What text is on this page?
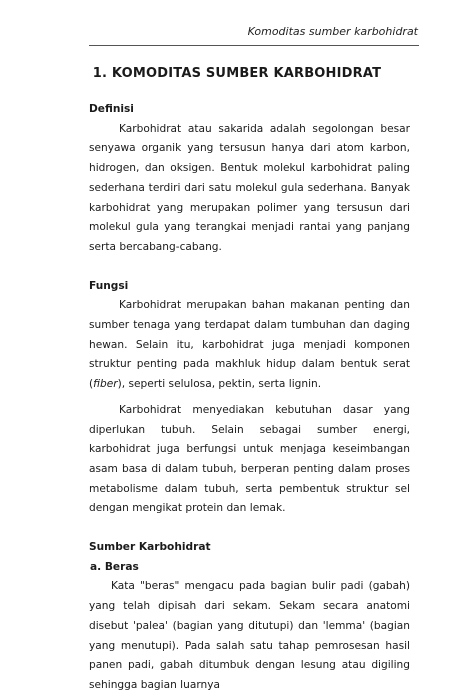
Komoditas sumber karbohidrat
1. KOMODITAS SUMBER KARBOHIDRAT
Definisi

Karbohidrat atau sakarida adalah segolongan besar senyawa organik yang tersusun hanya dari atom karbon, hidrogen, dan oksigen. Bentuk molekul karbohidrat paling sederhana terdiri dari satu molekul gula sederhana. Banyak karbohidrat yang merupakan polimer yang tersusun dari molekul gula yang terangkai menjadi rantai yang panjang serta bercabang-cabang.

Fungsi

Karbohidrat merupakan bahan makanan penting dan sumber tenaga yang terdapat dalam tumbuhan dan daging hewan. Selain itu, karbohidrat juga menjadi komponen struktur penting pada makhluk hidup dalam bentuk serat (fiber), seperti selulosa, pektin, serta lignin.

Karbohidrat menyediakan kebutuhan dasar yang diperlukan tubuh. Selain sebagai sumber energi, karbohidrat juga berfungsi untuk menjaga keseimbangan asam basa di dalam tubuh, berperan penting dalam proses metabolisme dalam tubuh, serta pembentuk struktur sel dengan mengikat protein dan lemak.

Sumber Karbohidrat
a. Beras

Kata "beras" mengacu pada bagian bulir padi (gabah) yang telah dipisah dari sekam. Sekam secara anatomi disebut 'palea' (bagian yang ditutupi) dan 'lemma' (bagian yang menutupi). Pada salah satu tahap pemrosesan hasil panen padi, gabah ditumbuk dengan lesung atau digiling sehingga bagian luarnya
